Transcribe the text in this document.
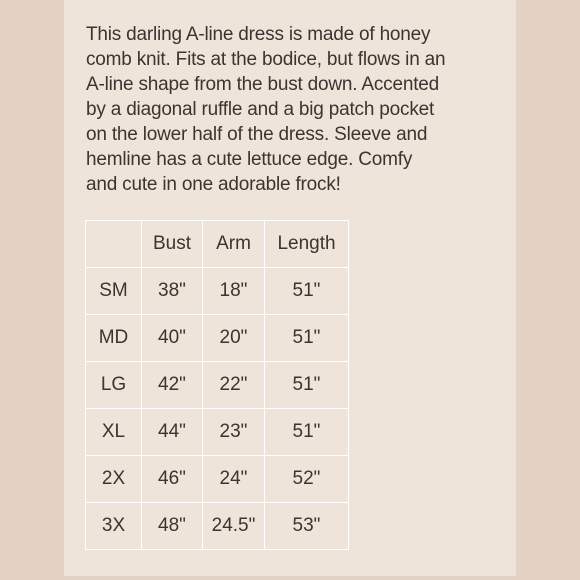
This darling A-line dress is made of honey
comb knit. Fits at the bodice, but flows in an
A-line shape from the bust down. Accented
by a diagonal ruffle and a big patch pocket
on the lower half of the dress. Sleeve and
hemline has a cute lettuce edge. Comfy
and cute in one adorable frock!

	Bust	Arm	Length
SM	38"	18"	51"
MD	40"	20"	51"
LG	42"	22"	51"
XL	44"	23"	51"
2X	46"	24"	52"
3X	48"	24.5"	53"
